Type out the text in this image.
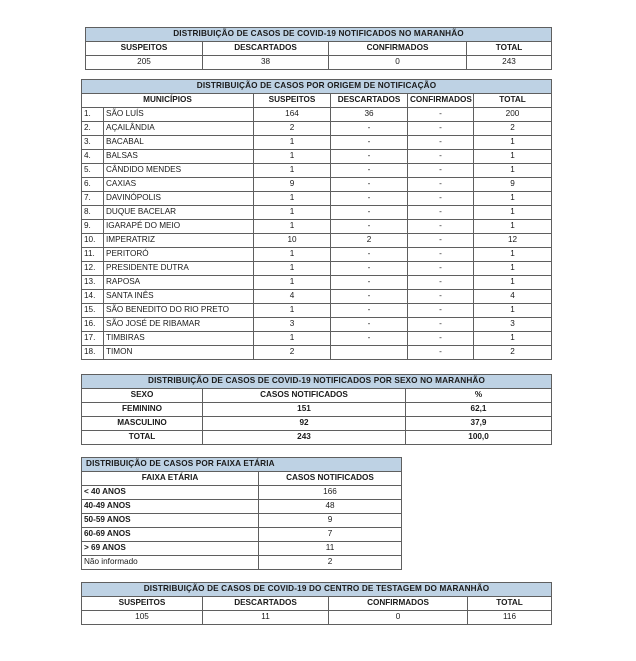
DISTRIBUIÇÃO DE CASOS DE COVID-19 NOTIFICADOS NO MARANHÃO			
SUSPEITOS	DESCARTADOS	CONFIRMADOS	TOTAL
205	38	0	243
DISTRIBUIÇÃO DE CASOS POR ORIGEM DE NOTIFICAÇÃO					
MUNICÍPIOS		SUSPEITOS	DESCARTADOS	CONFIRMADOS	TOTAL
1.	SÃO LUÍS	164	36	-	200
2.	AÇAILÂNDIA	2	-	-	2
3.	BACABAL	1	-	-	1
4.	BALSAS	1	-	-	1
5.	CÂNDIDO MENDES	1	-	-	1
6.	CAXIAS	9	-	-	9
7.	DAVINÓPOLIS	1	-	-	1
8.	DUQUE BACELAR	1	-	-	1
9.	IGARAPÉ DO MEIO	1	-	-	1
10.	IMPERATRIZ	10	2	-	12
11.	PERITORÓ	1	-	-	1
12.	PRESIDENTE DUTRA	1	-	-	1
13.	RAPOSA	1	-	-	1
14.	SANTA INÊS	4	-	-	4
15.	SÃO BENEDITO DO RIO PRETO	1	-	-	1
16.	SÃO JOSÉ DE RIBAMAR	3	-	-	3
17.	TIMBIRAS	1	-	-	1
18.	TIMON	2		-	2
DISTRIBUIÇÃO DE CASOS DE COVID-19 NOTIFICADOS POR SEXO NO MARANHÃO		
SEXO	CASOS NOTIFICADOS	%
FEMININO	151	62,1
MASCULINO	92	37,9
TOTAL	243	100,0
DISTRIBUIÇÃO DE CASOS POR FAIXA ETÁRIA	
FAIXA ETÁRIA	CASOS NOTIFICADOS
< 40 ANOS	166
40-49 ANOS	48
50-59 ANOS	9
60-69 ANOS	7
> 69 ANOS	11
Não informado	2
DISTRIBUIÇÃO DE CASOS DE COVID-19 DO CENTRO DE TESTAGEM DO MARANHÃO			
SUSPEITOS	DESCARTADOS	CONFIRMADOS	TOTAL
105	11	0	116
